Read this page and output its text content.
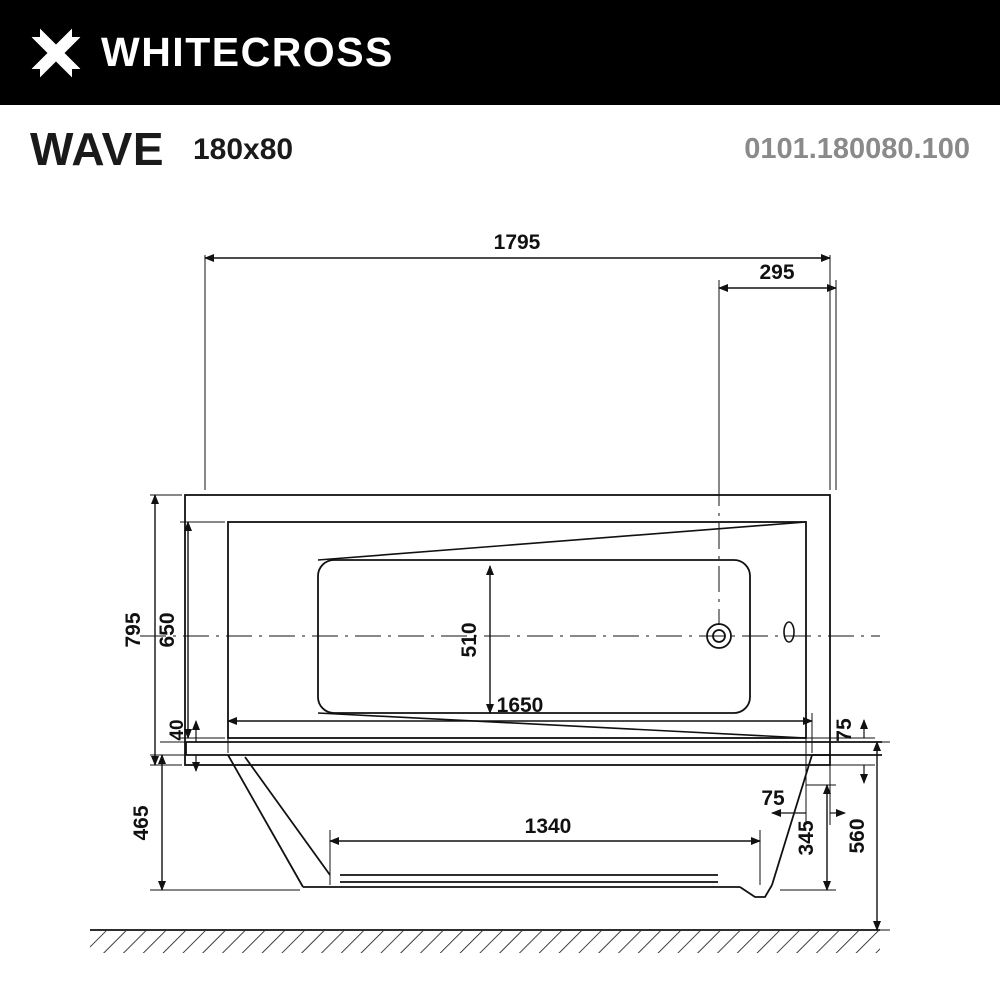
WHITECROSS
WAVE 180x80	0101.180080.100
1795
295
795 650	510
75
75
40
1650
465	1340	345 560
